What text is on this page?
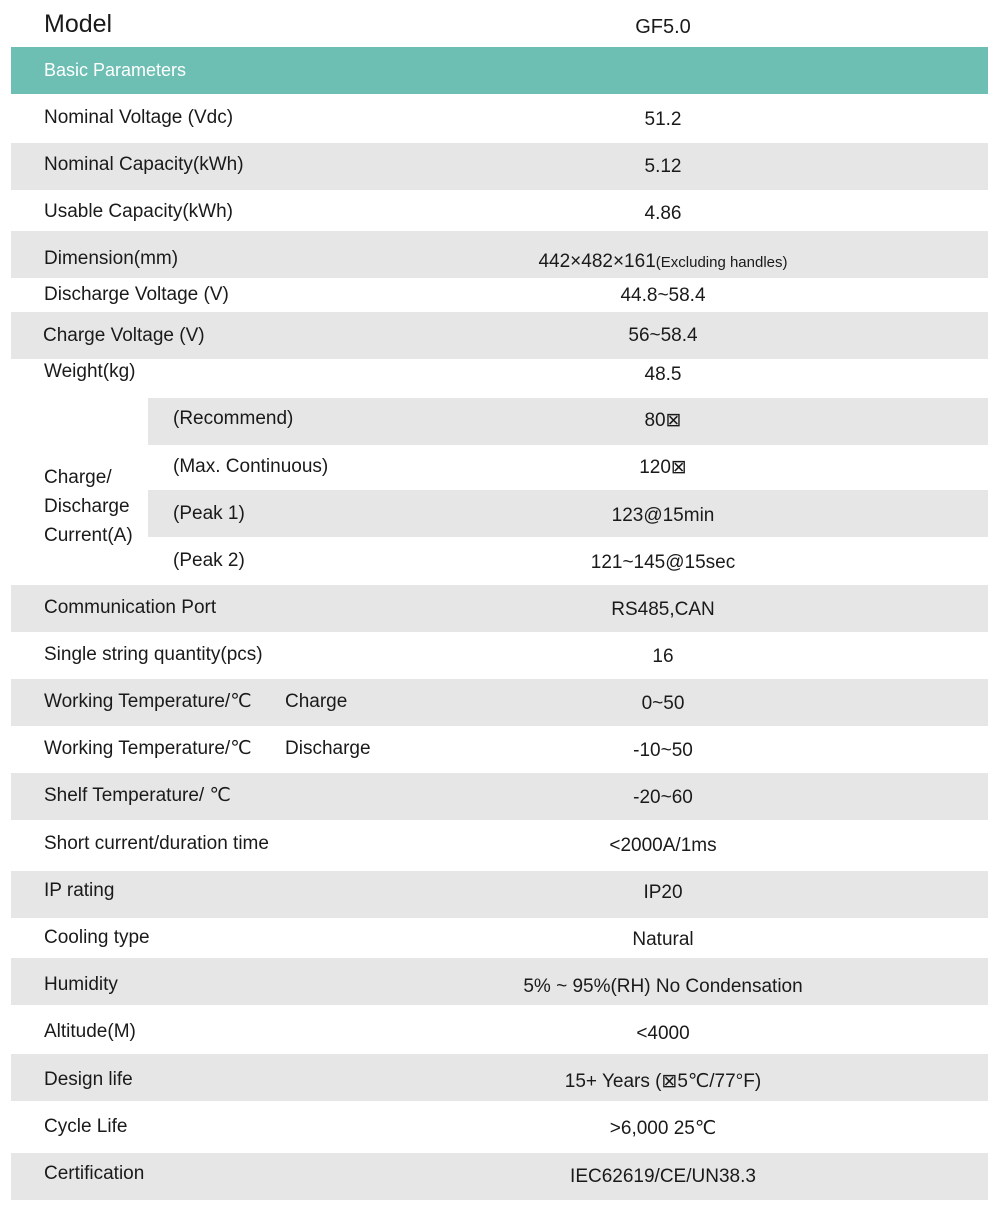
Model	GF5.0
Basic Parameters
Nominal Voltage (Vdc)	51.2
Nominal Capacity(kWh)	5.12
Usable Capacity(kWh)	4.86
Dimension(mm)	442×482×161(Excluding handles)
Discharge Voltage (V)	44.8~58.4
Charge Voltage (V)	56~58.4
Weight(kg)	48.5
Charge/
Discharge
Current(A)
(Recommend)	80⊠
(Max. Continuous)	120⊠
(Peak 1)	123@15min
(Peak 2)	121~145@15sec
Communication Port	RS485,CAN
Single string quantity(pcs)	16
Working Temperature/℃ Charge	0~50
Working Temperature/℃ Discharge	-10~50
Shelf Temperature/ ℃	-20~60
Short current/duration time	<2000A/1ms
IP rating	IP20
Cooling type	Natural
Humidity	5% ~ 95%(RH) No Condensation
Altitude(M)	<4000
Design life	15+ Years (⊠5℃/77°F)
Cycle Life	>6,000 25℃
Certification	IEC62619/CE/UN38.3
